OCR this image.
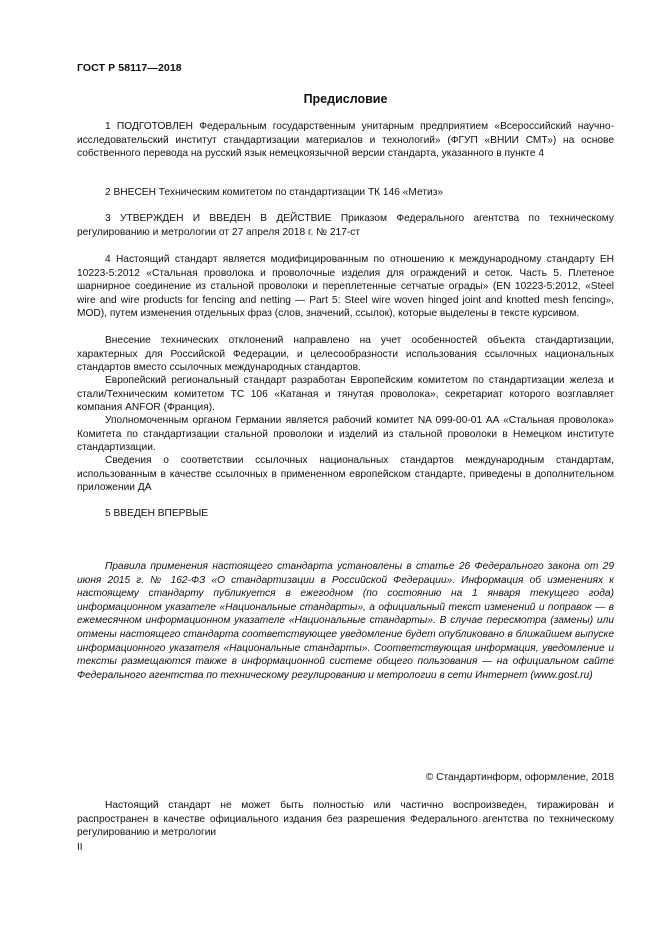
ГОСТ Р 58117—2018
Предисловие

1 ПОДГОТОВЛЕН Федеральным государственным унитарным предприятием «Всероссийский научно-исследовательский институт стандартизации материалов и технологий» (ФГУП «ВНИИ СМТ») на основе собственного перевода на русский язык немецкоязычной версии стандарта, указанного в пункте 4

2 ВНЕСЕН Техническим комитетом по стандартизации ТК 146 «Метиз»

3 УТВЕРЖДЕН И ВВЕДЕН В ДЕЙСТВИЕ Приказом Федерального агентства по техническому регулированию и метрологии от 27 апреля 2018 г. № 217-ст

4 Настоящий стандарт является модифицированным по отношению к международному стандарту ЕН 10223-5:2012 «Стальная проволока и проволочные изделия для ограждений и сеток. Часть 5. Плетеное шарнирное соединение из стальной проволоки и переплетенные сетчатые ограды» (EN 10223-5:2012, «Steel wire and wire products for fencing and netting — Part 5: Steel wire woven hinged joint and knotted mesh fencing», MOD), путем изменения отдельных фраз (слов, значений, ссылок), которые выделены в тексте курсивом.

Внесение технических отклонений направлено на учет особенностей объекта стандартизации, характерных для Российской Федерации, и целесообразности использования ссылочных национальных стандартов вместо ссылочных международных стандартов.

Европейский региональный стандарт разработан Европейским комитетом по стандартизации железа и стали/Техническим комитетом ТС 106 «Катаная и тянутая проволока», секретариат которого возглавляет компания ANFOR (Франция).

Уполномоченным органом Германии является рабочий комитет NA 099-00-01 AA «Стальная проволока» Комитета по стандартизации стальной проволоки и изделий из стальной проволоки в Немецком институте стандартизации.

Сведения о соответствии ссылочных национальных стандартов международным стандартам, использованным в качестве ссылочных в примененном европейском стандарте, приведены в дополнительном приложении ДА

5 ВВЕДЕН ВПЕРВЫЕ

Правила применения настоящего стандарта установлены в статье 26 Федерального закона от 29 июня 2015 г. № 162-ФЗ «О стандартизации в Российской Федерации». Информация об изменениях к настоящему стандарту публикуется в ежегодном (по состоянию на 1 января текущего года) информационном указателе «Национальные стандарты», а официальный текст изменений и поправок — в ежемесячном информационном указателе «Национальные стандарты». В случае пересмотра (замены) или отмены настоящего стандарта соответствующее уведомление будет опубликовано в ближайшем выпуске информационного указателя «Национальные стандарты». Соответствующая информация, уведомление и тексты размещаются также в информационной системе общего пользования — на официальном сайте Федерального агентства по техническому регулированию и метрологии в сети Интернет (www.gost.ru)

© Стандартинформ, оформление, 2018

Настоящий стандарт не может быть полностью или частично воспроизведен, тиражирован и распространен в качестве официального издания без разрешения Федерального агентства по техническому регулированию и метрологии

II
